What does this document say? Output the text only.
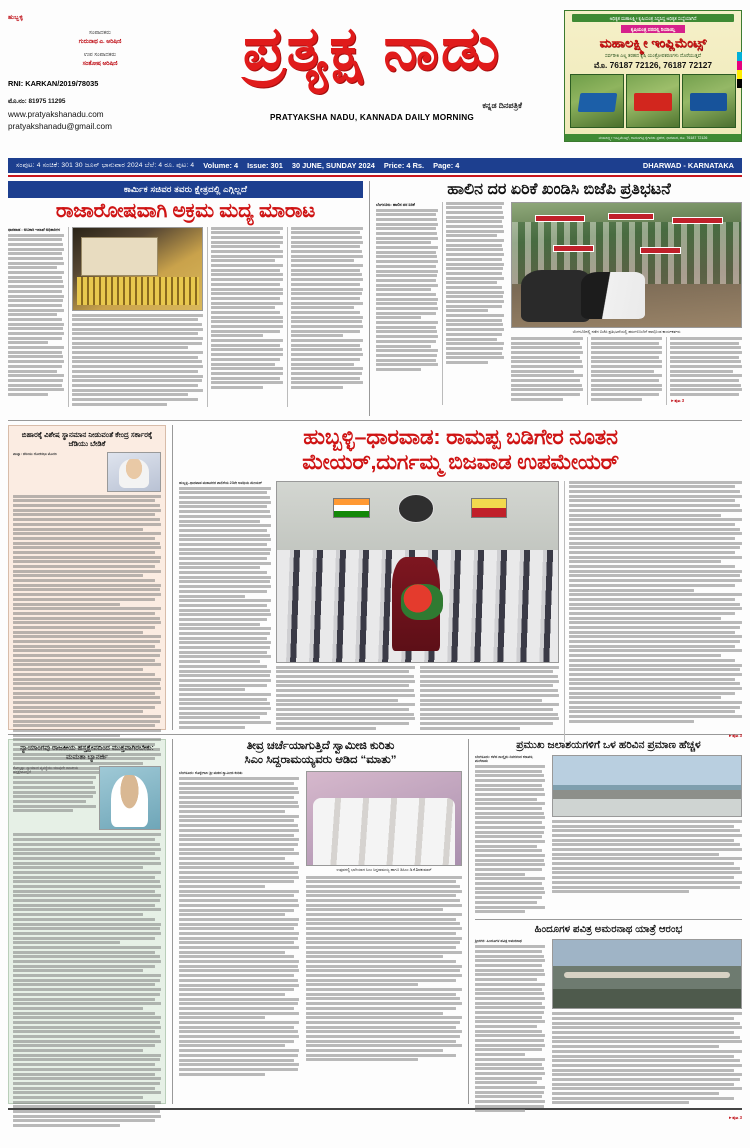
ಹುಬ್ಬಳ್ಳಿ
ಸಂಪಾದಕರು
ಗುರುನಾಥ ಎ. ಅರಿಷಿಣಿ
ಉಪ ಸಂಪಾದಕರು
ಸಂತೋಷ ಅರಿಷಿಣಿ
RNI: KARKAN/2019/78035
ಮೊ.ನಂ: 81975 11295
www.pratyakshanadu.com
pratyakshanadu@gmail.com
ಪ್ರತ್ಯಕ್ಷ ನಾಡು
ಕನ್ನಡ ದಿನಪತ್ರಿಕೆ
PRATYAKSHA NADU, KANNADA DAILY MORNING
ಅಧಿಕೃತ ಮಹಾಲಕ್ಷ್ಮೀ ಕೃಷಿಯಂತ್ರ ಸಿದ್ಧಸಿದ್ದ ಅಧಿಕೃತ ಸಂಸ್ಥೆಯಾಗಿದೆ
ಕೃಷಿಯಂತ್ರ ದರದಲ್ಲಿ ರಿಯಾಯ್ತಿ
ಮಹಾಲಕ್ಷ್ಮೀ ಇಂಪ್ಲಿಮೆಂಟ್ಸ್
ಸರ್ವರೀತಿ ಎಲ್ಲ ತರಹದ ಕೃಷಿ ಯಂತ್ರೋಪಕರಣಗಳು ದೊರೆಯುತ್ತವೆ
ಮೊ. 76187 72126, 76187 72127
ಮಹಾಲಕ್ಷ್ಮೀ ಇಂಪ್ಲಿಮೆಂಟ್ಸ್, ಗಾಮನಗಟ್ಟಿ ಕೈಗಾರಿಕಾ ಪ್ರದೇಶ, ಧಾರವಾಡ, ದೂ: 76187 72126
ಸಂಪುಟ: 4 ಸಂಚಿಕೆ: 301 30 ಜೂನ್ ಭಾನುವಾರ 2024 ಬೆಲೆ: 4 ರೂ. ಪುಟ: 4 Volume: 4 Issue: 301 30 JUNE, SUNDAY 2024 Price: 4 Rs. Page: 4	DHARWAD - KARNATAKA
ಕಾರ್ಮಿಕ ಸಚಿವರ ತವರು ಕ್ಷೇತ್ರದಲ್ಲಿ ಎಗ್ಗಿಲ್ಲದೆ
ರಾಜಾರೋಷವಾಗಿ ಅಕ್ರಮ ಮದ್ಯ ಮಾರಾಟ
ಧಾರವಾಡ : ಅಬಕಾರಿ ಇಲಾಖೆ ಅಧಿಕಾರಿಗಳ
ಹಾಲಿನ ದರ ಏರಿಕೆ ಖಂಡಿಸಿ ಬಿಜೆಪಿ ಪ್ರತಿಭಟನೆ
ಬೆಂಗಳೂರು: ಹಾಲಿನ ದರ ಏರಿಕೆ
ಬೆಂಗಳೂರಿನಲ್ಲಿ ನಡೆದ ಬಿಜೆಪಿ ಪ್ರತಿಭಟನೆಯಲ್ಲಿ ಹಸುಗಳೊಂದಿಗೆ ಪಾಲ್ಗೊಂಡ ಕಾರ್ಯಕರ್ತರು
►ಪುಟ 3
ಬಿಹಾರಕ್ಕೆ ವಿಶೇಷ ಸ್ಥಾನಮಾನ ನೀಡುವಂತೆ ಕೇಂದ್ರ ಸರ್ಕಾರಕ್ಕೆ ಜೆಡಿಯು ಬೇಡಿಕೆ
ಪಾಟ್ನಾ: ಜೆಡಿಯು ಲೋಕಸಭಾ ಮೊದಲ
ಹುಬ್ಬಳ್ಳಿ–ಧಾರವಾಡ: ರಾಮಪ್ಪ ಬಡಿಗೇರ ನೂತನ
ಮೇಯರ್,ದುರ್ಗಮ್ಮ ಬಿಜವಾಡ ಉಪಮೇಯರ್
ಹುಬ್ಬಳ್ಳಿ–ಧಾರವಾಡ ಮಹಾನಗರ ಪಾಲಿಕೆಯ 23ನೇ ಅವಧಿಯ ಮೇಯರ್
►ಪುಟ 3
ತೀವ್ರ ಚರ್ಚೆಯಾಗುತ್ತಿದೆ ಸ್ವಾಮೀಜಿ ಕುರಿತು
ಸಿಎಂ ಸಿದ್ದರಾಮಯ್ಯವರು ಆಡಿದ “ಮಾತು”
ಬೆಂಗಳೂರು: ಕೊಳ್ಳೇಗಾಲ ಶ್ರೀ ಮಠದ ಸ್ವಾಮೀಜಿ ಕುರಿತು
ಉತ್ಸವದಲ್ಲಿ ಭಾಗಿಯಾದ ಸಿಎಂ ಸಿದ್ದರಾಮಯ್ಯ ಹಾಗೂ ಡಿಸಿಎಂ ಡಿ.ಕೆ.ಶಿವಕುಮಾರ್
ಪ್ರಮುಖ ಜಲಾಶಯಗಳಿಗೆ ಒಳ ಹರಿವಿನ ಪ್ರಮಾಣ ಹೆಚ್ಚಳ
ಬೆಂಗಳೂರು: ಕಳೆದ ನಾಲ್ಕೈದು ದಿನಗಳಿಂದ ಕರಾವಳಿ, ಮಲೆನಾಡು
ಹಿಂದೂಗಳ ಪವಿತ್ರ ಅಮರನಾಥ ಯಾತ್ರೆ ಆರಂಭ
ಶ್ರೀನಗರ: ಹಿಂದೂಗಳ ಪವಿತ್ರ ಅಮರನಾಥ
►ಪುಟ 3
